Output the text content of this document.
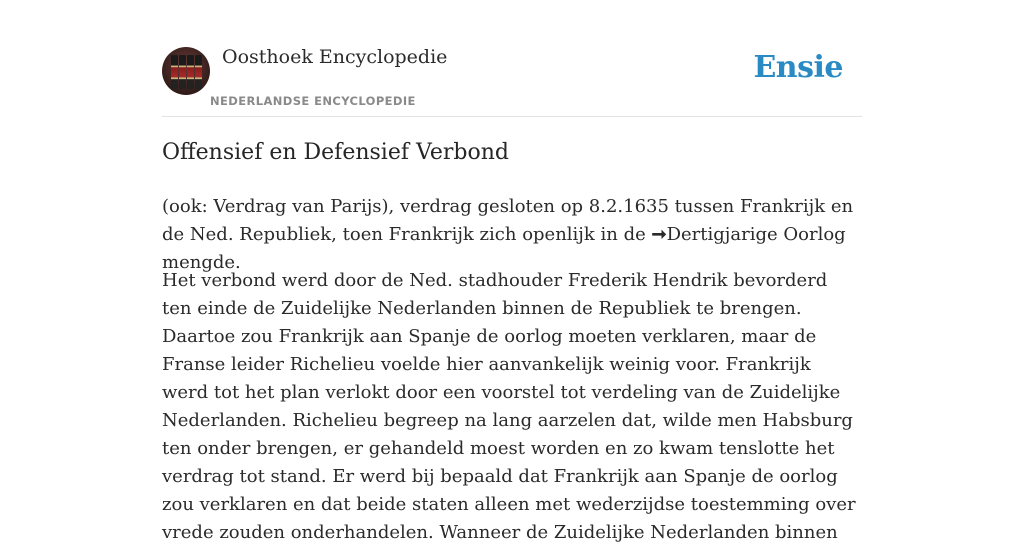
Oosthoek Encyclopedie
NEDERLANDSE ENCYCLOPEDIE
Ensie
Offensief en Defensief Verbond

(ook: Verdrag van Parijs), verdrag gesloten op 8.2.1635 tussen Frankrijk en de Ned. Republiek, toen Frankrijk zich openlijk in de ➞Dertigjarige Oorlog mengde.

Het verbond werd door de Ned. stadhouder Frederik Hendrik bevorderd ten einde de Zuidelijke Nederlanden binnen de Republiek te brengen. Daartoe zou Frankrijk aan Spanje de oorlog moeten verklaren, maar de Franse leider Richelieu voelde hier aanvankelijk weinig voor. Frankrijk werd tot het plan verlokt door een voorstel tot verdeling van de Zuidelijke Nederlanden. Richelieu begreep na lang aarzelen dat, wilde men Habsburg ten onder brengen, er gehandeld moest worden en zo kwam tenslotte het verdrag tot stand. Er werd bij bepaald dat Frankrijk aan Spanje de oorlog zou verklaren en dat beide staten alleen met wederzijdse toestemming over vrede zouden onderhandelen. Wanneer de Zuidelijke Nederlanden binnen
